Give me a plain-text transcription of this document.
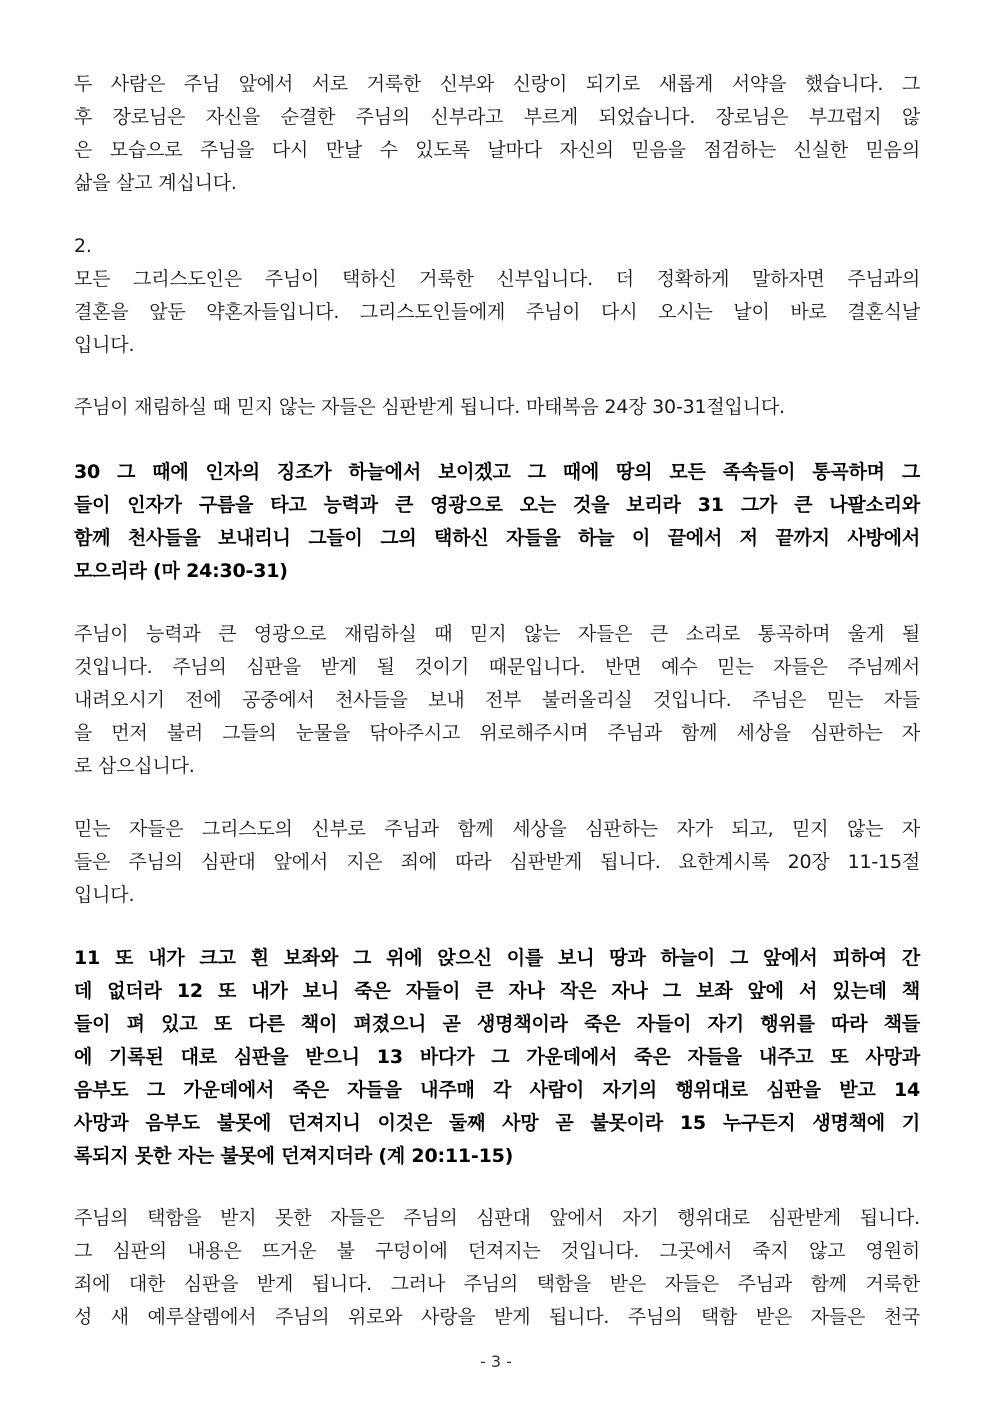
두 사람은 주님 앞에서 서로 거룩한 신부와 신랑이 되기로 새롭게 서약을 했습니다. 그
후 장로님은 자신을 순결한 주님의 신부라고 부르게 되었습니다. 장로님은 부끄럽지 않
은 모습으로 주님을 다시 만날 수 있도록 날마다 자신의 믿음을 점검하는 신실한 믿음의
삶을 살고 계십니다.
2.
모든 그리스도인은 주님이 택하신 거룩한 신부입니다. 더 정확하게 말하자면 주님과의
결혼을 앞둔 약혼자들입니다. 그리스도인들에게 주님이 다시 오시는 날이 바로 결혼식날
입니다.
주님이 재림하실 때 믿지 않는 자들은 심판받게 됩니다. 마태복음 24장 30-31절입니다.
30 그 때에 인자의 징조가 하늘에서 보이겠고 그 때에 땅의 모든 족속들이 통곡하며 그
들이 인자가 구름을 타고 능력과 큰 영광으로 오는 것을 보리라 31 그가 큰 나팔소리와
함께 천사들을 보내리니 그들이 그의 택하신 자들을 하늘 이 끝에서 저 끝까지 사방에서
모으리라 (마 24:30-31)
주님이 능력과 큰 영광으로 재림하실 때 믿지 않는 자들은 큰 소리로 통곡하며 울게 될
것입니다. 주님의 심판을 받게 될 것이기 때문입니다. 반면 예수 믿는 자들은 주님께서
내려오시기 전에 공중에서 천사들을 보내 전부 불러올리실 것입니다. 주님은 믿는 자들
을 먼저 불러 그들의 눈물을 닦아주시고 위로해주시며 주님과 함께 세상을 심판하는 자
로 삼으십니다.
믿는 자들은 그리스도의 신부로 주님과 함께 세상을 심판하는 자가 되고, 믿지 않는 자
들은 주님의 심판대 앞에서 지은 죄에 따라 심판받게 됩니다. 요한계시록 20장 11-15절
입니다.
11 또 내가 크고 흰 보좌와 그 위에 앉으신 이를 보니 땅과 하늘이 그 앞에서 피하여 간
데 없더라 12 또 내가 보니 죽은 자들이 큰 자나 작은 자나 그 보좌 앞에 서 있는데 책
들이 펴 있고 또 다른 책이 펴졌으니 곧 생명책이라 죽은 자들이 자기 행위를 따라 책들
에 기록된 대로 심판을 받으니 13 바다가 그 가운데에서 죽은 자들을 내주고 또 사망과
음부도 그 가운데에서 죽은 자들을 내주매 각 사람이 자기의 행위대로 심판을 받고 14
사망과 음부도 불못에 던져지니 이것은 둘째 사망 곧 불못이라 15 누구든지 생명책에 기
록되지 못한 자는 불못에 던져지더라 (계 20:11-15)
주님의 택함을 받지 못한 자들은 주님의 심판대 앞에서 자기 행위대로 심판받게 됩니다.
그 심판의 내용은 뜨거운 불 구덩이에 던져지는 것입니다. 그곳에서 죽지 않고 영원히
죄에 대한 심판을 받게 됩니다. 그러나 주님의 택함을 받은 자들은 주님과 함께 거룩한
성 새 예루살렘에서 주님의 위로와 사랑을 받게 됩니다. 주님의 택함 받은 자들은 천국
- 3 -
